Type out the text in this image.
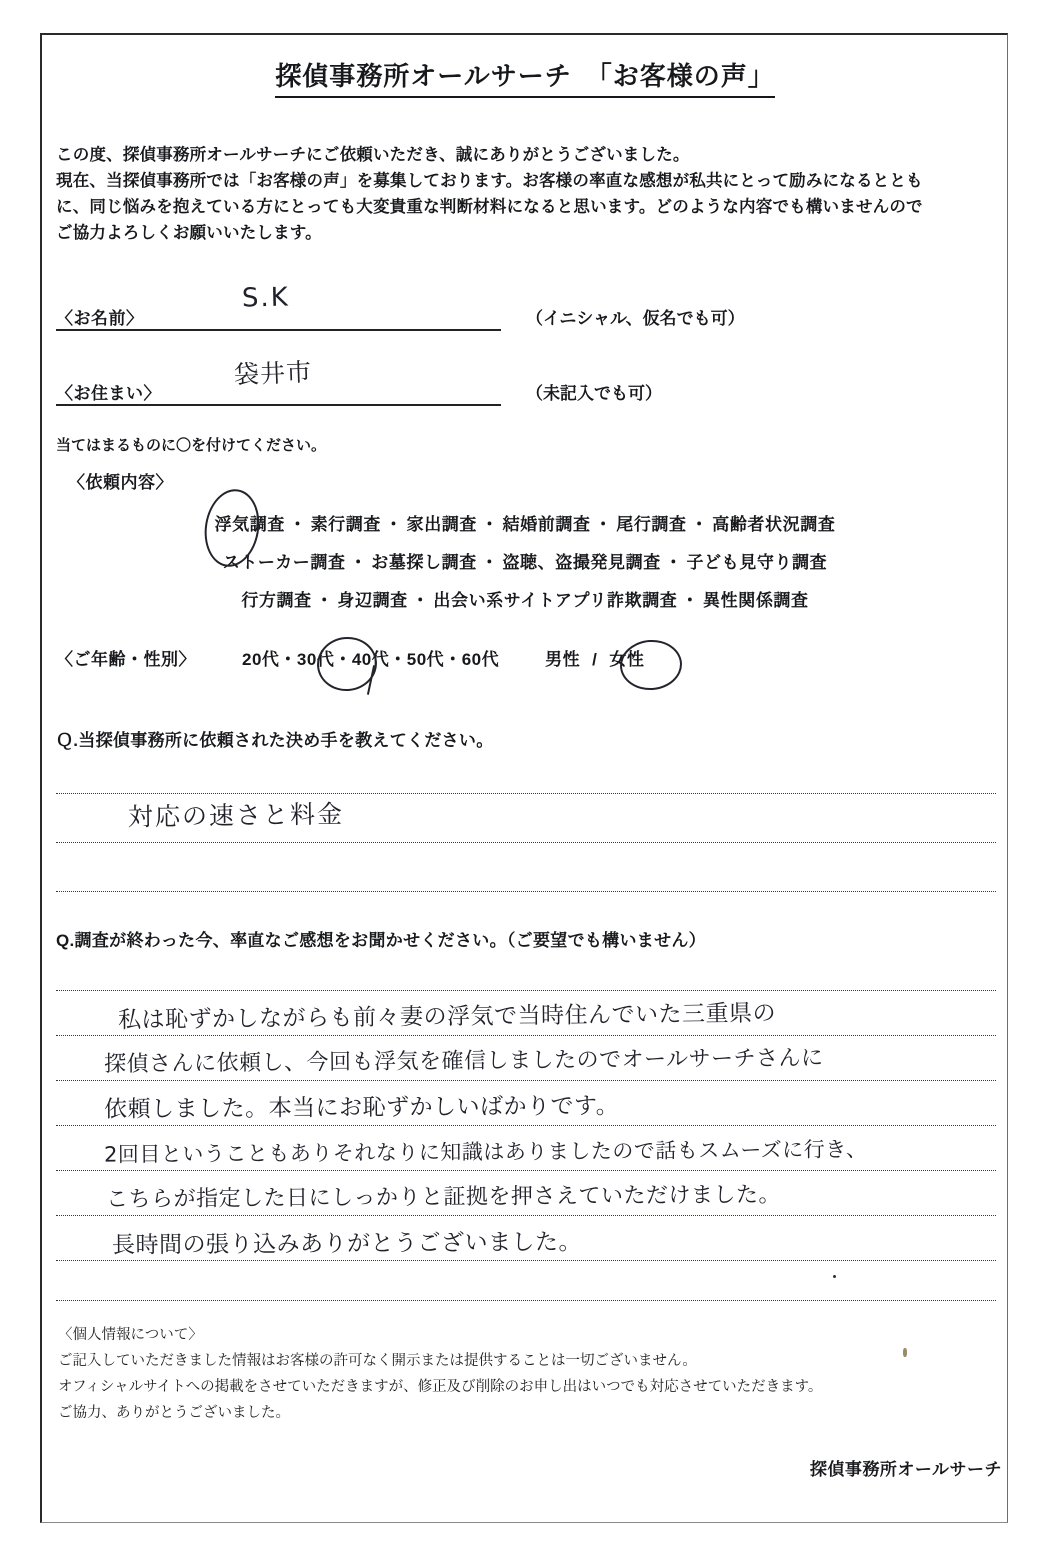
探偵事務所オールサーチ　「お客様の声」
この度、探偵事務所オールサーチにご依頼いただき、誠にありがとうございました。
現在、当探偵事務所では「お客様の声」を募集しております。お客様の率直な感想が私共にとって励みになるととも
に、同じ悩みを抱えている方にとっても大変貴重な判断材料になると思います。どのような内容でも構いませんので
ご協力よろしくお願いいたします。
〈お名前〉
S.K
（イニシャル、仮名でも可）
〈お住まい〉
袋井市
（未記入でも可）
当てはまるものに〇を付けてください。
〈依頼内容〉
浮気調査 ・ 素行調査 ・ 家出調査 ・ 結婚前調査 ・ 尾行調査 ・ 高齢者状況調査
ストーカー調査 ・ お墓探し調査 ・ 盗聴、盗撮発見調査 ・ 子ども見守り調査
行方調査 ・ 身辺調査 ・ 出会い系サイトアプリ詐欺調査 ・ 異性関係調査
〈ご年齢・性別〉	20代・30代・40代・50代・60代	男性 / 女性
Ｑ.当探偵事務所に依頼された決め手を教えてください。
対応の速さと料金
Q.調査が終わった今、率直なご感想をお聞かせください。（ご要望でも構いません）
私は恥ずかしながらも前々妻の浮気で当時住んでいた三重県の
探偵さんに依頼し、今回も浮気を確信しましたのでオールサーチさんに
依頼しました。本当にお恥ずかしいばかりです。
2回目ということもありそれなりに知識はありましたので話もスムーズに行き、
こちらが指定した日にしっかりと証拠を押さえていただけました。
長時間の張り込みありがとうございました。
〈個人情報について〉
ご記入していただきました情報はお客様の許可なく開示または提供することは一切ございません。
オフィシャルサイトへの掲載をさせていただきますが、修正及び削除のお申し出はいつでも対応させていただきます。
ご協力、ありがとうございました。
探偵事務所オールサーチ
